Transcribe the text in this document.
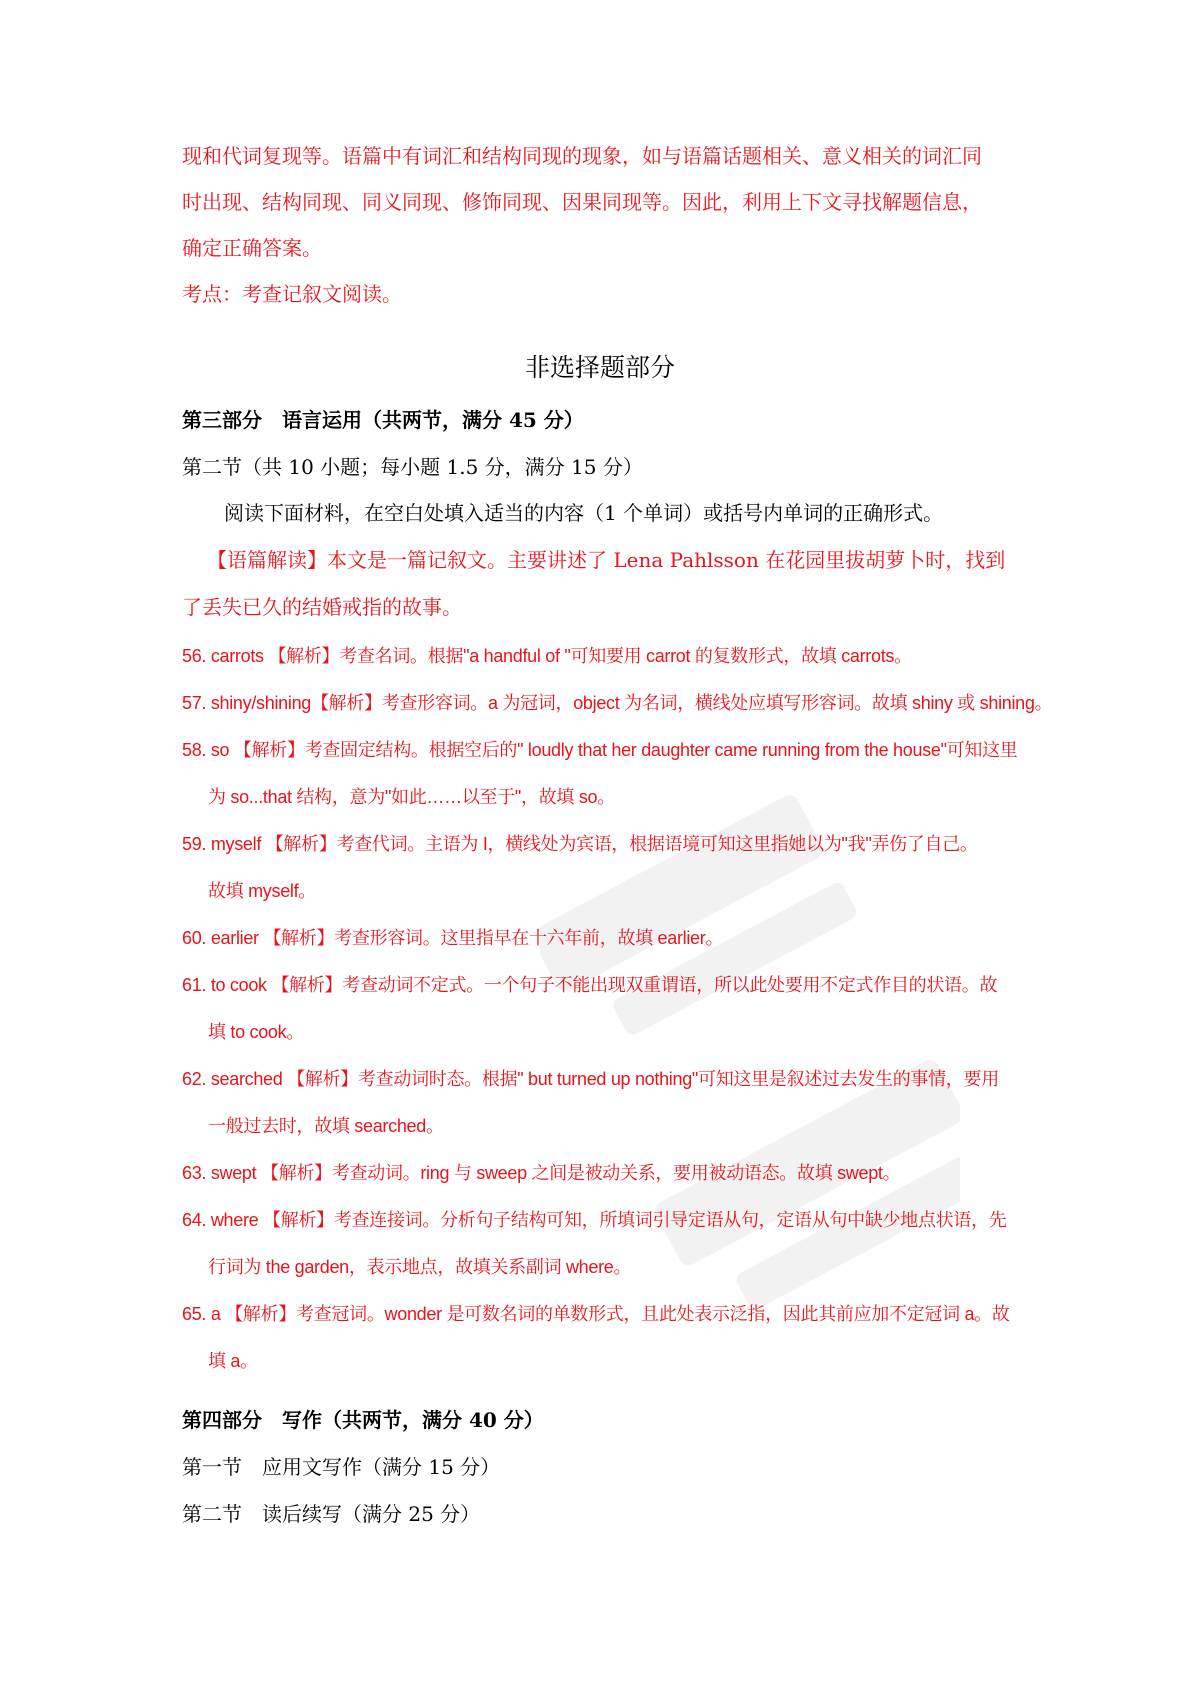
现和代词复现等。语篇中有词汇和结构同现的现象，如与语篇话题相关、意义相关的词汇同
时出现、结构同现、同义同现、修饰同现、因果同现等。因此，利用上下文寻找解题信息，
确定正确答案。
考点：考查记叙文阅读。
非选择题部分
第三部分　语言运用（共两节，满分 45 分）
第二节（共 10 小题；每小题 1.5 分，满分 15 分）
阅读下面材料，在空白处填入适当的内容（1 个单词）或括号内单词的正确形式。
【语篇解读】本文是一篇记叙文。主要讲述了 Lena Pahlsson 在花园里拔胡萝卜时，找到
了丢失已久的结婚戒指的故事。
56. carrots 【解析】考查名词。根据"a handful of "可知要用 carrot 的复数形式，故填 carrots。
57. shiny/shining【解析】考查形容词。a 为冠词，object 为名词，横线处应填写形容词。故填 shiny 或 shining。
58. so 【解析】考查固定结构。根据空后的" loudly that her daughter came running from the house"可知这里
为 so...that 结构，意为"如此……以至于"，故填 so。
59. myself 【解析】考查代词。主语为 I，横线处为宾语，根据语境可知这里指她以为"我"弄伤了自己。
故填 myself。
60. earlier 【解析】考查形容词。这里指早在十六年前，故填 earlier。
61. to cook 【解析】考查动词不定式。一个句子不能出现双重谓语，所以此处要用不定式作目的状语。故
填 to cook。
62. searched 【解析】考查动词时态。根据" but turned up nothing"可知这里是叙述过去发生的事情，要用
一般过去时，故填 searched。
63. swept 【解析】考查动词。ring 与 sweep 之间是被动关系，要用被动语态。故填 swept。
64. where 【解析】考查连接词。分析句子结构可知，所填词引导定语从句，定语从句中缺少地点状语，先
行词为 the garden，表示地点，故填关系副词 where。
65. a 【解析】考查冠词。wonder 是可数名词的单数形式，且此处表示泛指，因此其前应加不定冠词 a。故
填 a。
第四部分　写作（共两节，满分 40 分）
第一节　应用文写作（满分 15 分）
第二节　读后续写（满分 25 分）
